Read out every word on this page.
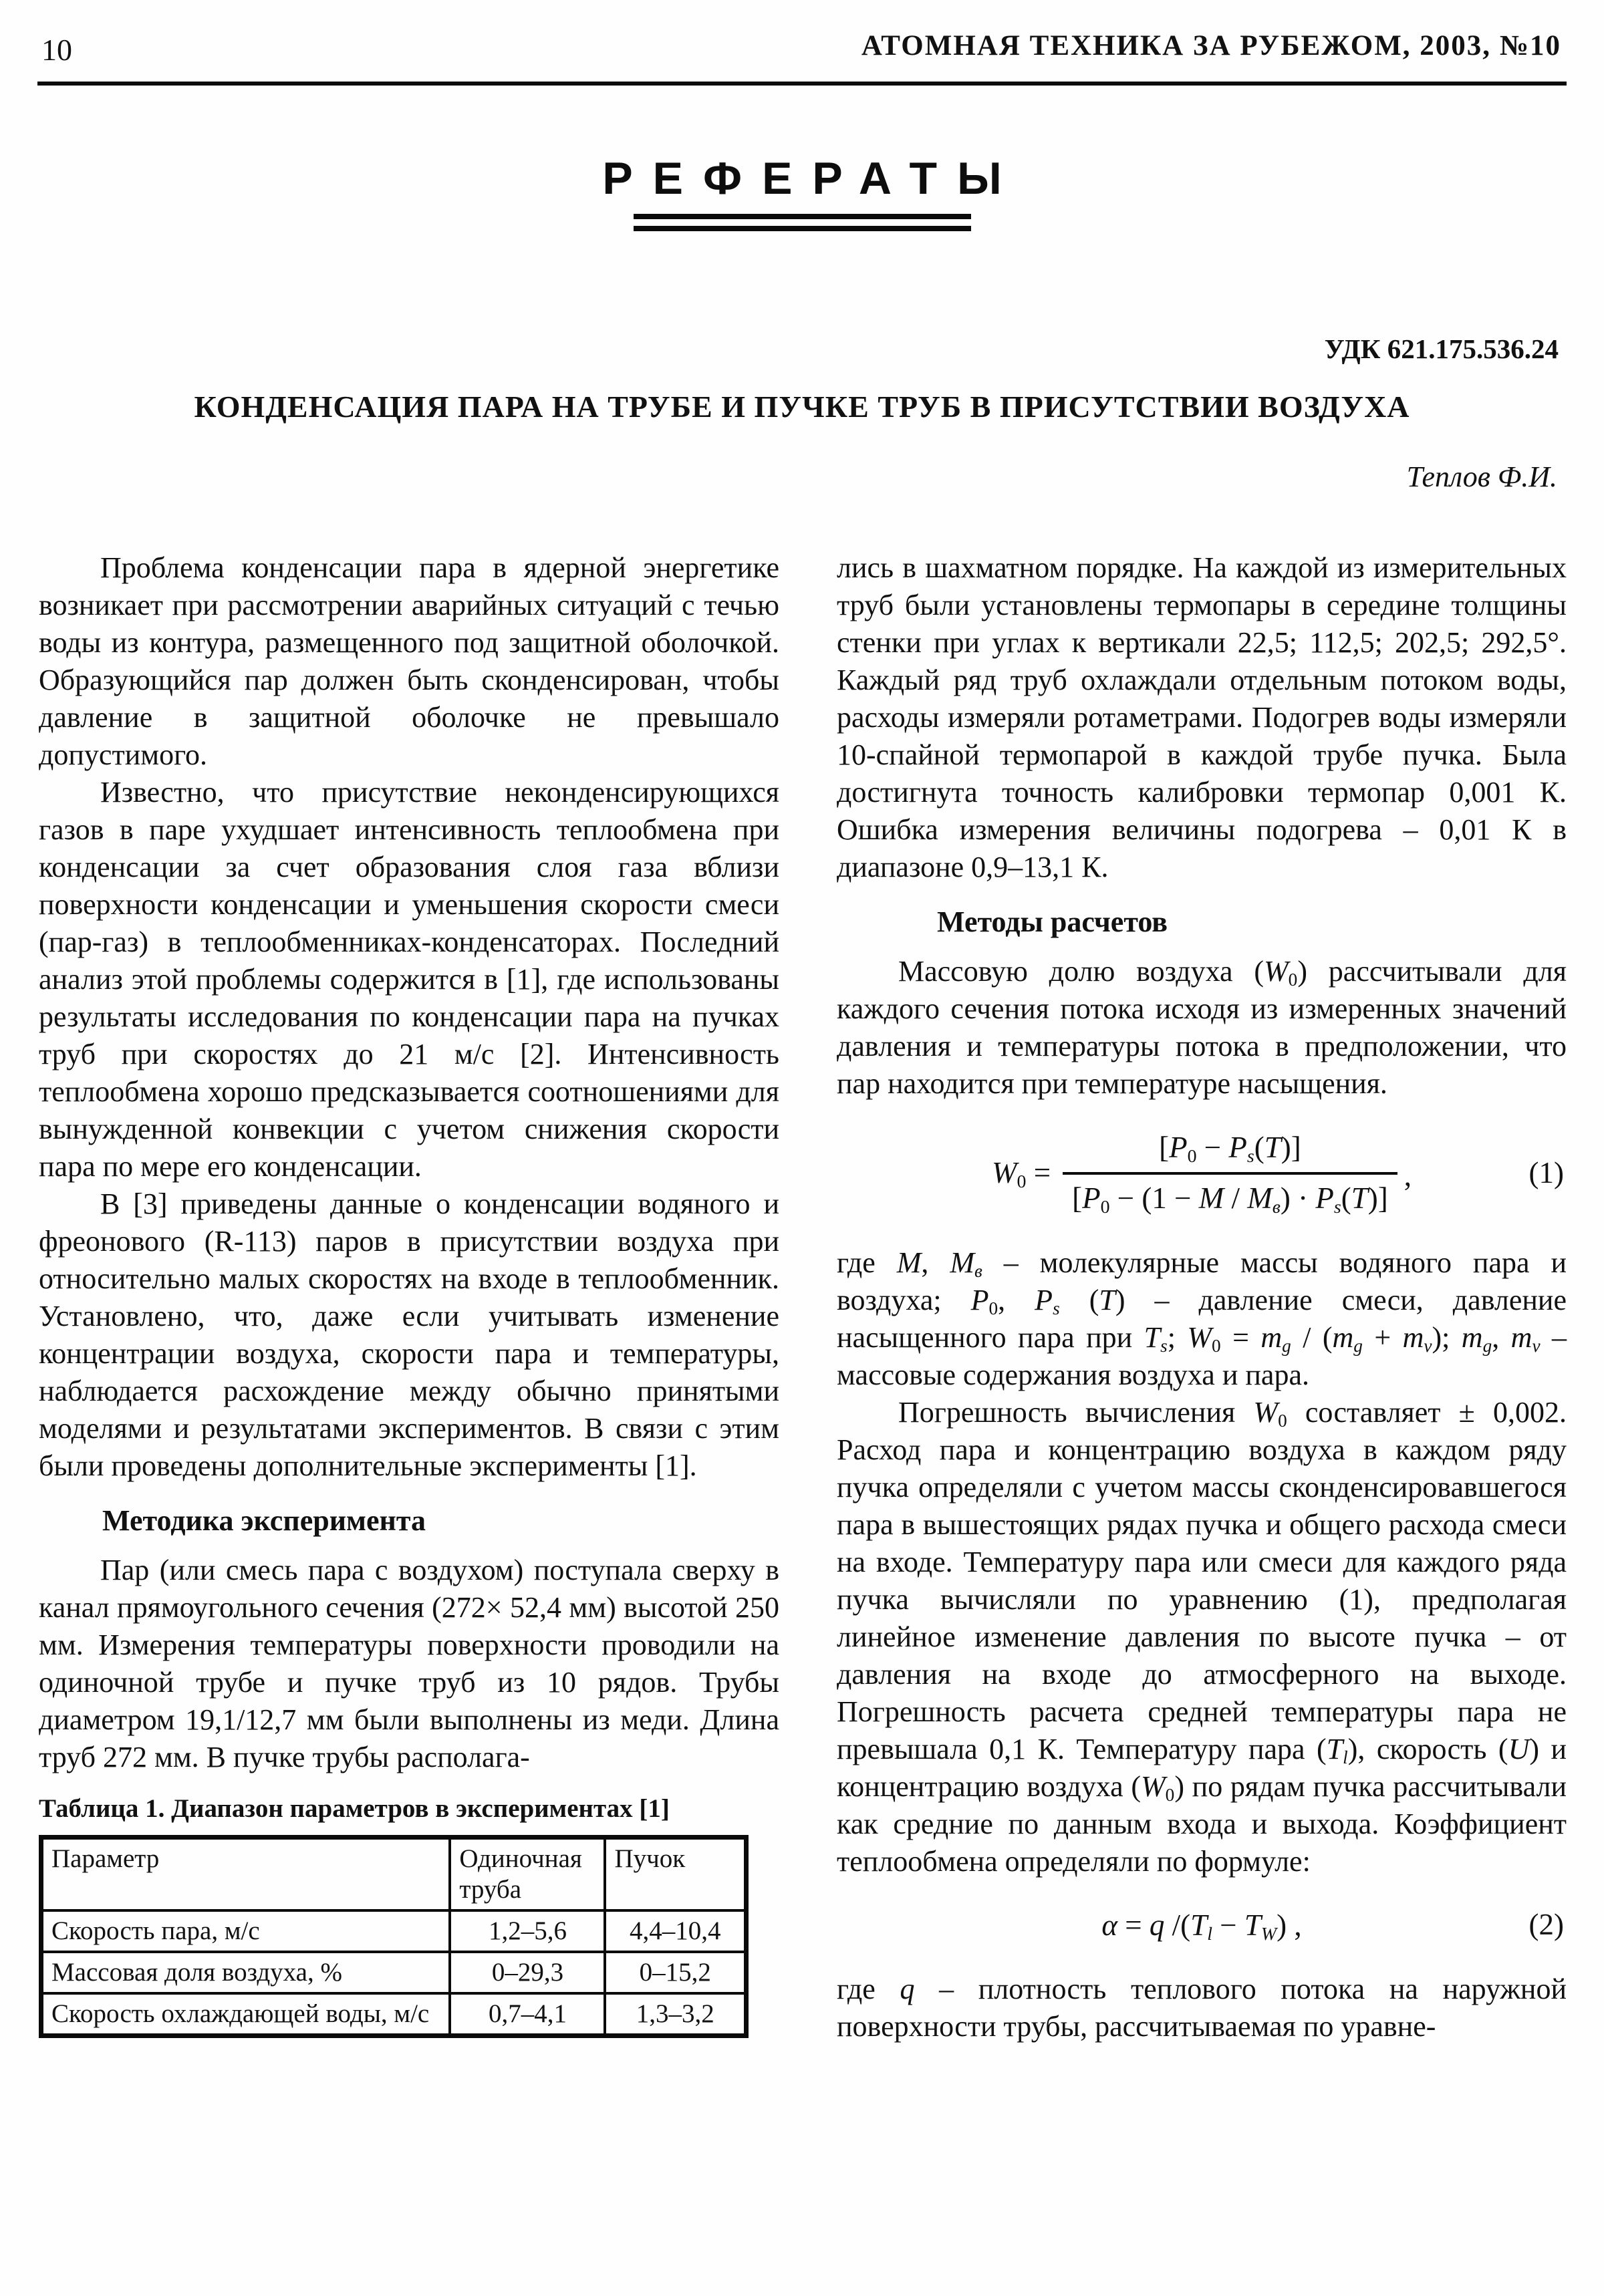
10	АТОМНАЯ ТЕХНИКА ЗА РУБЕЖОМ, 2003, №10
РЕФЕРАТЫ
УДК 621.175.536.24
КОНДЕНСАЦИЯ ПАРА НА ТРУБЕ И ПУЧКЕ ТРУБ В ПРИСУТСТВИИ ВОЗДУХА
Теплов Ф.И.

Проблема конденсации пара в ядерной энергетике возникает при рассмотрении аварийных ситуаций с течью воды из контура, размещенного под защитной оболочкой. Образующийся пар должен быть сконденсирован, чтобы давление в защитной оболочке не превышало допустимого.

Известно, что присутствие неконденсирующихся газов в паре ухудшает интенсивность теплообмена при конденсации за счет образования слоя газа вблизи поверхности конденсации и уменьшения скорости смеси (пар-газ) в теплообменниках-конденсаторах. Последний анализ этой проблемы содержится в [1], где использованы результаты исследования по конденсации пара на пучках труб при скоростях до 21 м/с [2]. Интенсивность теплообмена хорошо предсказывается соотношениями для вынужденной конвекции с учетом снижения скорости пара по мере его конденсации.

В [3] приведены данные о конденсации водяного и фреонового (R-113) паров в присутствии воздуха при относительно малых скоростях на входе в теплообменник. Установлено, что, даже если учитывать изменение концентрации воздуха, скорости пара и температуры, наблюдается расхождение между обычно принятыми моделями и результатами экспериментов. В связи с этим были проведены дополнительные эксперименты [1].

Методика эксперимента

Пар (или смесь пара с воздухом) поступала сверху в канал прямоугольного сечения (272× 52,4 мм) высотой 250 мм. Измерения температуры поверхности проводили на одиночной трубе и пучке труб из 10 рядов. Трубы диаметром 19,1/12,7 мм были выполнены из меди. Длина труб 272 мм. В пучке трубы располага-

Таблица 1. Диапазон параметров в экспериментах [1]
Параметр	Одиночная труба	Пучок
Скорость пара, м/с	1,2–5,6	4,4–10,4
Массовая доля воздуха, %	0–29,3	0–15,2
Скорость охлаждающей воды, м/с	0,7–4,1	1,3–3,2

лись в шахматном порядке. На каждой из измерительных труб были установлены термопары в середине толщины стенки при углах к вертикали 22,5; 112,5; 202,5; 292,5°. Каждый ряд труб охлаждали отдельным потоком воды, расходы измеряли ротаметрами. Подогрев воды измеряли 10-спайной термопарой в каждой трубе пучка. Была достигнута точность калибровки термопар 0,001 К. Ошибка измерения величины подогрева – 0,01 К в диапазоне 0,9–13,1 К.

Методы расчетов

Массовую долю воздуха $(W_0)$ рассчитывали для каждого сечения потока исходя из измеренных значений давления и температуры потока в предположении, что пар находится при температуре насыщения.

$W_0 = \frac{[P_0 - P_s(T)]}{[P_0 - (1 - M / M_в) \cdot P_s(T)]}$ ,	(1)

где M, $M_в$ – молекулярные массы водяного пара и воздуха; $P_0$, $P_s$ (T) – давление смеси, давление насыщенного пара при $T_s$; $W_0 = m_g / (m_g + m_v)$; $m_g$, $m_v$ – массовые содержания воздуха и пара.

Погрешность вычисления $W_0$ составляет ± 0,002. Расход пара и концентрацию воздуха в каждом ряду пучка определяли с учетом массы сконденсировавшегося пара в вышестоящих рядах пучка и общего расхода смеси на входе. Температуру пара или смеси для каждого ряда пучка вычисляли по уравнению (1), предполагая линейное изменение давления по высоте пучка – от давления на входе до атмосферного на выходе. Погрешность расчета средней температуры пара не превышала 0,1 К. Температуру пара $(T_l)$, скорость (U) и концентрацию воздуха $(W_0)$ по рядам пучка рассчитывали как средние по данным входа и выхода. Коэффициент теплообмена определяли по формуле:

α = q $/(T_l - T_W)$ ,	(2)

где q – плотность теплового потока на наружной поверхности трубы, рассчитываемая по уравне-
